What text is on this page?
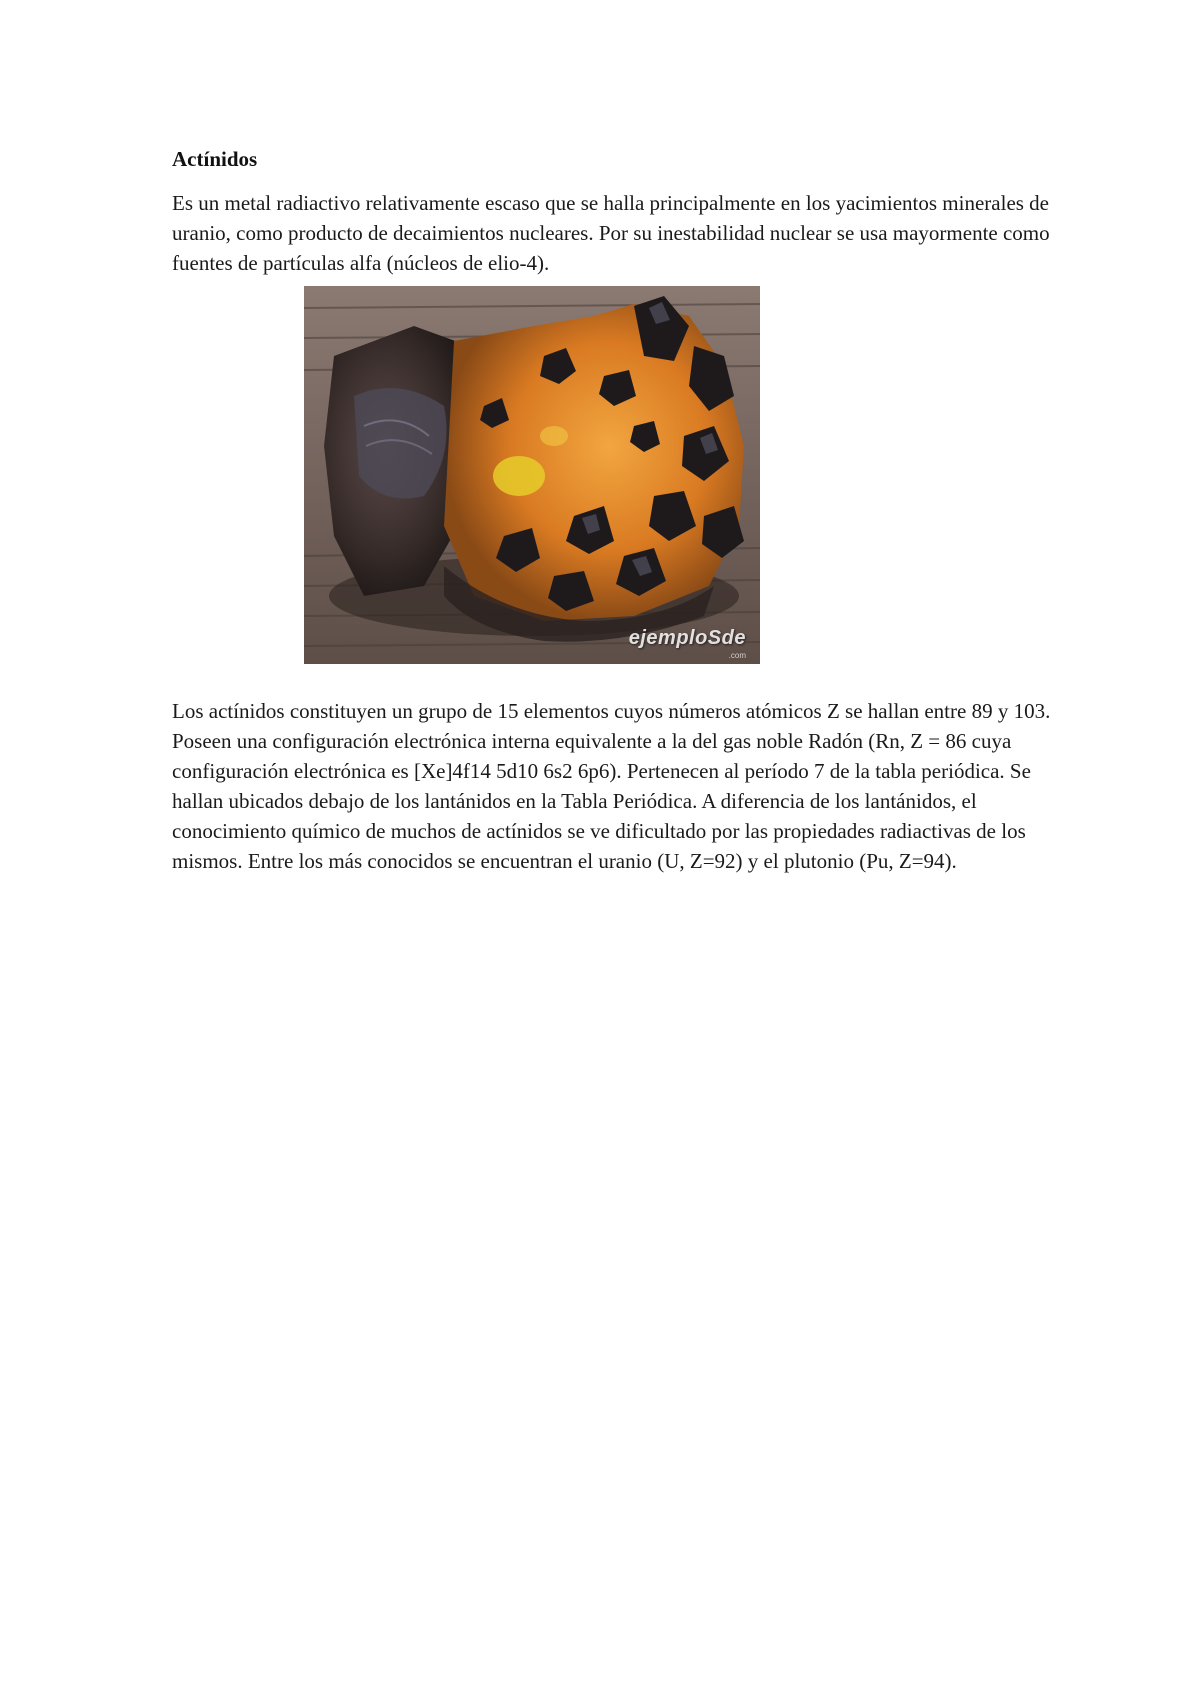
Actínidos

Es un metal radiactivo relativamente escaso que se halla principalmente en los yacimientos minerales de uranio, como producto de decaimientos nucleares. Por su inestabilidad nuclear se usa mayormente como fuentes de partículas alfa (núcleos de elio-4).

ejemploSde
.com

Los actínidos constituyen un grupo de 15 elementos cuyos números atómicos Z se hallan entre 89 y 103. Poseen una configuración electrónica interna equivalente a la del gas noble Radón (Rn, Z = 86 cuya configuración electrónica es [Xe]4f14 5d10 6s2 6p6). Pertenecen al período 7 de la tabla periódica. Se hallan ubicados debajo de los lantánidos en la Tabla Periódica. A diferencia de los lantánidos, el conocimiento químico de muchos de actínidos se ve dificultado por las propiedades radiactivas de los mismos. Entre los más conocidos se encuentran el uranio (U, Z=92) y el plutonio (Pu, Z=94).
